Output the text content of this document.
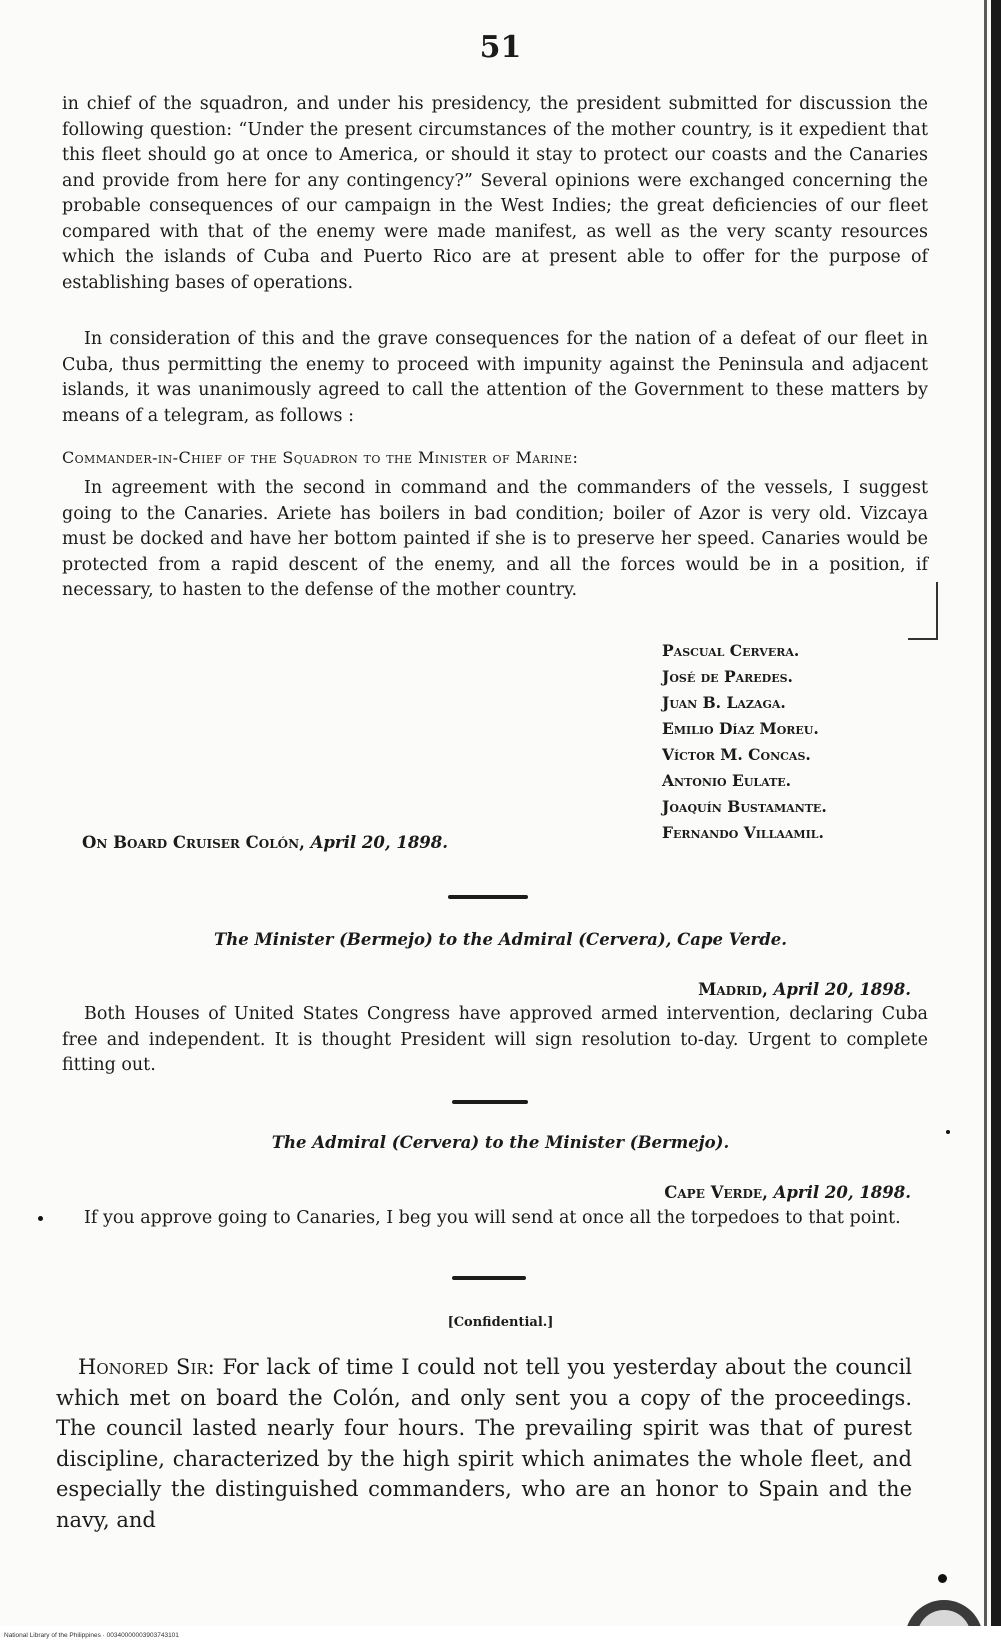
51
in chief of the squadron, and under his presidency, the president submitted for discussion the following question: “Under the present circumstances of the mother country, is it expedient that this fleet should go at once to America, or should it stay to protect our coasts and the Canaries and provide from here for any contingency?” Several opinions were exchanged concerning the probable consequences of our campaign in the West Indies; the great deficiencies of our fleet compared with that of the enemy were made manifest, as well as the very scanty resources which the islands of Cuba and Puerto Rico are at present able to offer for the purpose of establishing bases of operations.
In consideration of this and the grave consequences for the nation of a defeat of our fleet in Cuba, thus permitting the enemy to proceed with impunity against the Peninsula and adjacent islands, it was unanimously agreed to call the attention of the Government to these matters by means of a telegram, as follows :
Commander-in-Chief of the Squadron to the Minister of Marine:
In agreement with the second in command and the commanders of the vessels, I suggest going to the Canaries. Ariete has boilers in bad condition; boiler of Azor is very old. Vizcaya must be docked and have her bottom painted if she is to preserve her speed. Canaries would be protected from a rapid descent of the enemy, and all the forces would be in a position, if necessary, to hasten to the defense of the mother country.
Pascual Cervera.
José de Paredes.
Juan B. Lazaga.
Emilio Díaz Moreu.
Víctor M. Concas.
Antonio Eulate.
Joaquín Bustamante.
Fernando Villaamil.
On Board Cruiser Colón, April 20, 1898.
The Minister (Bermejo) to the Admiral (Cervera), Cape Verde.
Madrid, April 20, 1898.
Both Houses of United States Congress have approved armed intervention, declaring Cuba free and independent. It is thought President will sign resolution to-day. Urgent to complete fitting out.
The Admiral (Cervera) to the Minister (Bermejo).
Cape Verde, April 20, 1898.
If you approve going to Canaries, I beg you will send at once all the torpedoes to that point.
[Confidential.]
Honored Sir: For lack of time I could not tell you yesterday about the council which met on board the Colón, and only sent you a copy of the proceedings. The council lasted nearly four hours. The prevailing spirit was that of purest discipline, characterized by the high spirit which animates the whole fleet, and especially the distinguished commanders, who are an honor to Spain and the navy, and
National Library of the Philippines · 00340000003903743101
